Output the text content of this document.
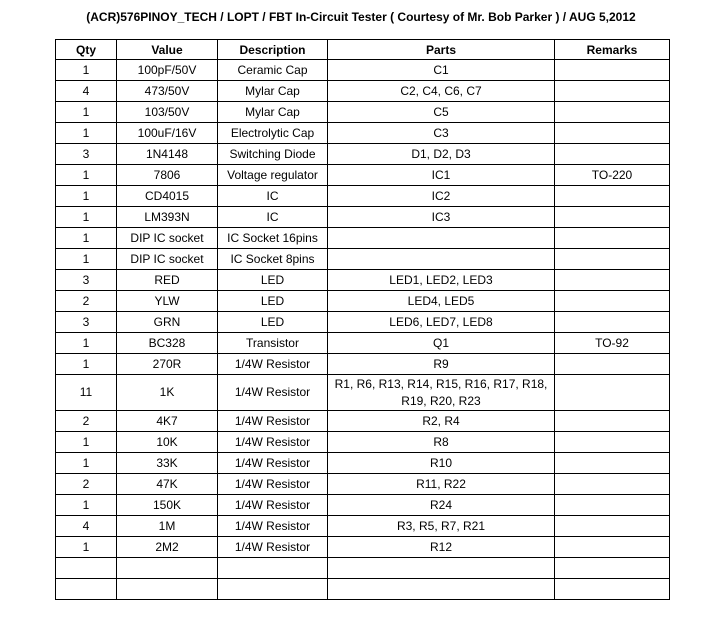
(ACR)576PINOY_TECH / LOPT / FBT In-Circuit Tester ( Courtesy of Mr. Bob Parker ) / AUG 5,2012
Qty	Value	Description	Parts	Remarks
1	100pF/50V	Ceramic Cap	C1	
4	473/50V	Mylar Cap	C2, C4, C6, C7	
1	103/50V	Mylar Cap	C5	
1	100uF/16V	Electrolytic Cap	C3	
3	1N4148	Switching Diode	D1, D2, D3	
1	7806	Voltage regulator	IC1	TO-220
1	CD4015	IC	IC2	
1	LM393N	IC	IC3	
1	DIP IC socket	IC Socket 16pins		
1	DIP IC socket	IC Socket 8pins		
3	RED	LED	LED1, LED2, LED3	
2	YLW	LED	LED4, LED5	
3	GRN	LED	LED6, LED7, LED8	
1	BC328	Transistor	Q1	TO-92
1	270R	1/4W Resistor	R9	
11	1K	1/4W Resistor	R1, R6, R13, R14, R15, R16, R17, R18, R19, R20, R23	
2	4K7	1/4W Resistor	R2, R4	
1	10K	1/4W Resistor	R8	
1	33K	1/4W Resistor	R10	
2	47K	1/4W Resistor	R11, R22	
1	150K	1/4W Resistor	R24	
4	1M	1/4W Resistor	R3, R5, R7, R21	
1	2M2	1/4W Resistor	R12	
